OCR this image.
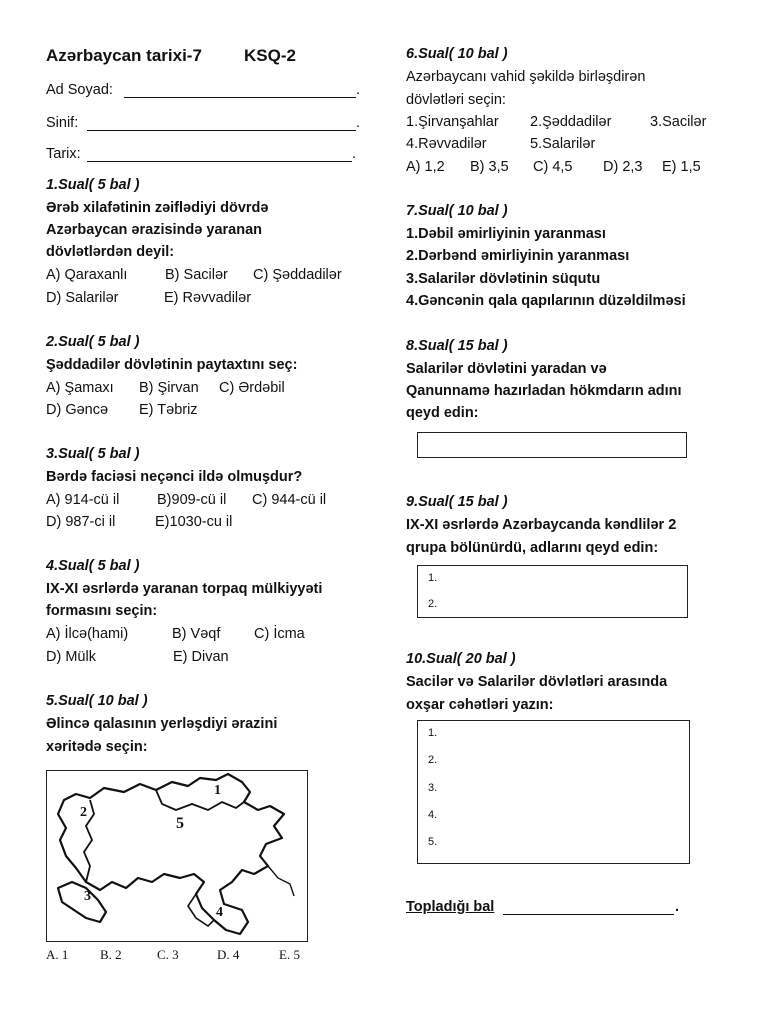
Azərbaycan tarixi-7 KSQ-2
Ad Soyad:	.
Sinif:	.
Tarix:	.
1.Sual( 5 bal )
Ərəb xilafətinin zəiflədiyi dövrdə
Azərbaycan ərazisində yaranan
dövlətlərdən deyil:
A) Qaraxanlı	B) Sacilər C) Şəddadilər
D) Salarilər	E) Rəvvadilər
2.Sual( 5 bal )
Şəddadilər dövlətinin paytaxtını seç:
A) Şamaxı B) Şirvan C) Ərdəbil
D) Gəncə E) Təbriz
3.Sual( 5 bal )
Bərdə faciəsi neçənci ildə olmuşdur?
A) 914-cü il	B)909-cü il C) 944-cü il
D) 987-ci il	E)1030-cu il
4.Sual( 5 bal )
IX-XI əsrlərdə yaranan torpaq mülkiyyəti
formasını seçin:
A) İlcə(hami)	B) Vəqf C) İcma
D) Mülk	E) Divan
5.Sual( 10 bal )
Əlincə qalasının yerləşdiyi ərazini
xəritədə seçin:
1
2
3
4
5
A. 1 B. 2	C. 3	D. 4	E. 5
6.Sual( 10 bal )
Azərbaycanı vahid şəkildə birləşdirən
dövlətləri seçin:
1.Şirvanşahlar 2.Şəddadilər	3.Sacilər
4.Rəvvadilər	5.Salarilər
A) 1,2 B) 3,5 C) 4,5 D) 2,3 E) 1,5
7.Sual( 10 bal )
1.Dəbil əmirliyinin yaranması
2.Dərbənd əmirliyinin yaranması
3.Salarilər dövlətinin süqutu
4.Gəncənin qala qapılarının düzəldilməsi
8.Sual( 15 bal )
Salarilər dövlətini yaradan və
Qanunnamə hazırladan hökmdarın adını
qeyd edin:
9.Sual( 15 bal )
IX-XI əsrlərdə Azərbaycanda kəndlilər 2
qrupa bölünürdü, adlarını qeyd edin:
1.
2.
10.Sual( 20 bal )
Sacilər və Salarilər dövlətləri arasında
oxşar cəhətləri yazın:
1.
2.
3.
4.
5.
Topladığı bal	.
